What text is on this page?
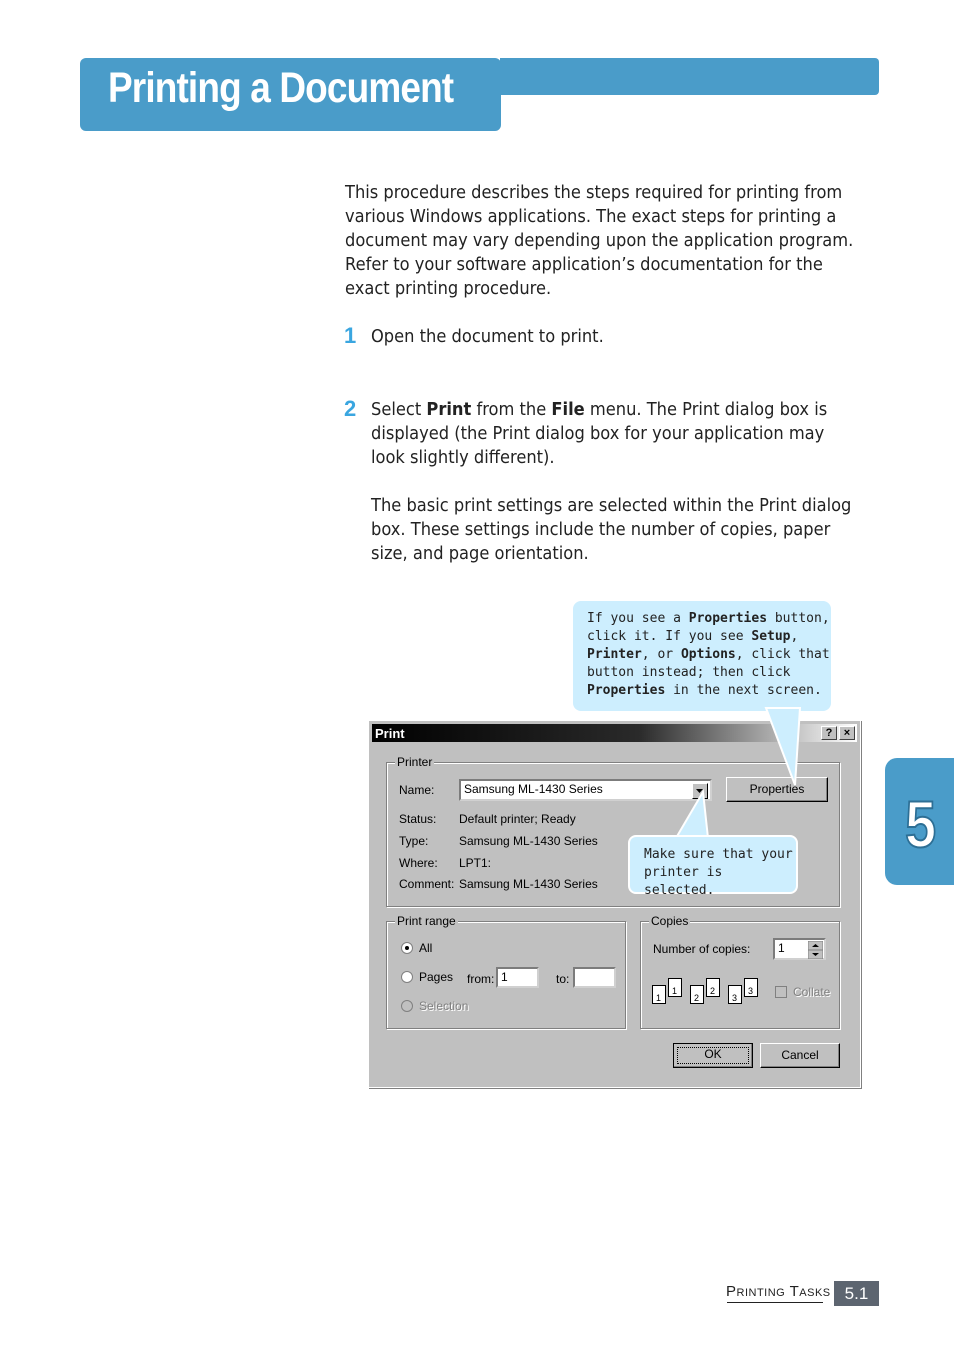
Printing a Document
5
This procedure describes the steps required for printing from
various Windows applications. The exact steps for printing a
document may vary depending upon the application program.
Refer to your software application’s documentation for the
exact printing procedure.
1 Open the document to print.
2 Select Print from the File menu. The Print dialog box is
displayed (the Print dialog box for your application may
look slightly different).
The basic print settings are selected within the Print dialog
box. These settings include the number of copies, paper
size, and page orientation.
If you see a Properties button,
click it. If you see Setup,
Printer, or Options, click that
button instead; then click
Properties in the next screen.
Print	?	×
Printer
Name:	Samsung ML-1430 Series	Properties
Status: Default printer; Ready
Type:	Samsung ML-1430 Series
Where: LPT1:
Comment: Samsung ML-1430 Series
Print range
All
Pages from: 1	to:
Selection
Copies
Number of copies:	1
1
1
2
2
3
3	Collate
OK	Cancel
Make sure that your
printer is selected.
Printing Tasks 5.1
